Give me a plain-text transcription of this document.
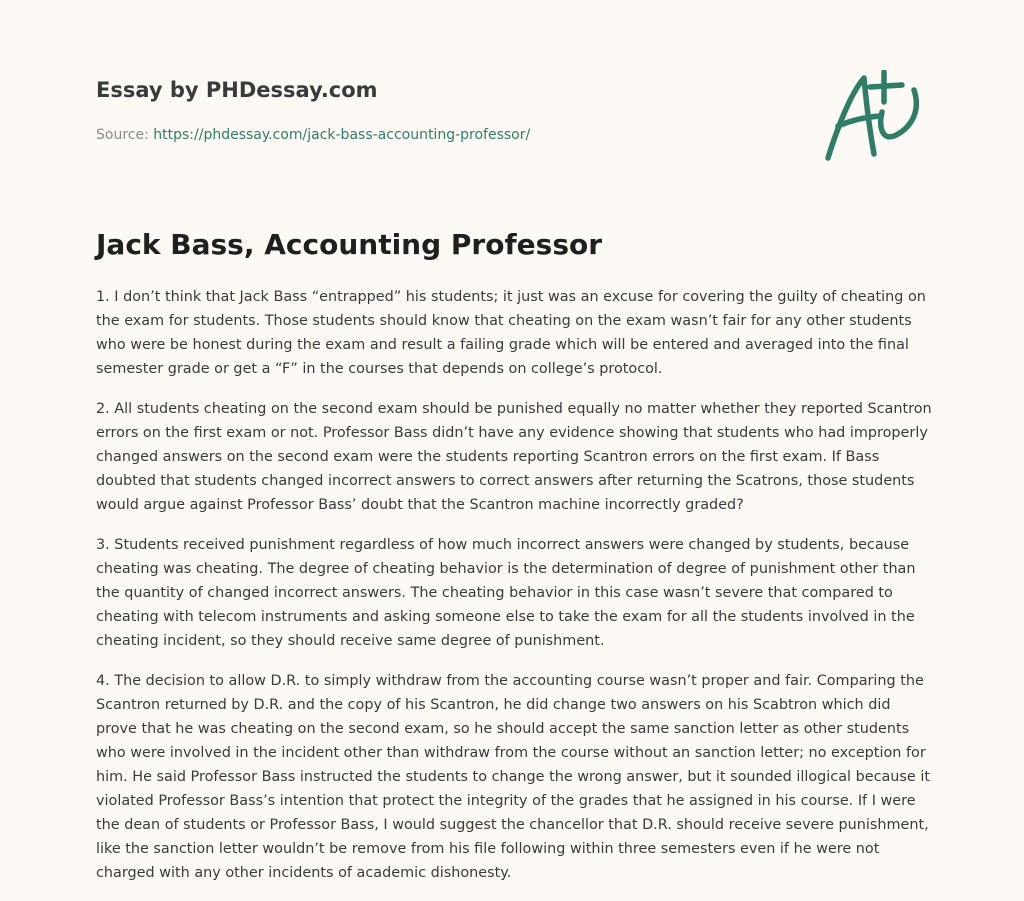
Essay by PHDessay.com
Source: https://phdessay.com/jack-bass-accounting-professor/
Jack Bass, Accounting Professor

1. I don’t think that Jack Bass “entrapped” his students; it just was an excuse for covering the guilty of cheating on the exam for students. Those students should know that cheating on the exam wasn’t fair for any other students who were be honest during the exam and result a failing grade which will be entered and averaged into the final semester grade or get a “F” in the courses that depends on college’s protocol.

2. All students cheating on the second exam should be punished equally no matter whether they reported Scantron errors on the first exam or not. Professor Bass didn’t have any evidence showing that students who had improperly changed answers on the second exam were the students reporting Scantron errors on the first exam. If Bass doubted that students changed incorrect answers to correct answers after returning the Scatrons, those students would argue against Professor Bass’ doubt that the Scantron machine incorrectly graded?

3. Students received punishment regardless of how much incorrect answers were changed by students, because cheating was cheating. The degree of cheating behavior is the determination of degree of punishment other than the quantity of changed incorrect answers. The cheating behavior in this case wasn’t severe that compared to cheating with telecom instruments and asking someone else to take the exam for all the students involved in the cheating incident, so they should receive same degree of punishment.

4. The decision to allow D.R. to simply withdraw from the accounting course wasn’t proper and fair. Comparing the Scantron returned by D.R. and the copy of his Scantron, he did change two answers on his Scabtron which did prove that he was cheating on the second exam, so he should accept the same sanction letter as other students who were involved in the incident other than withdraw from the course without an sanction letter; no exception for him. He said Professor Bass instructed the students to change the wrong answer, but it sounded illogical because it violated Professor Bass’s intention that protect the integrity of the grades that he assigned in his course. If I were the dean of students or Professor Bass, I would suggest the chancellor that D.R. should receive severe punishment, like the sanction letter wouldn’t be remove from his file following within three semesters even if he were not charged with any other incidents of academic dishonesty.
